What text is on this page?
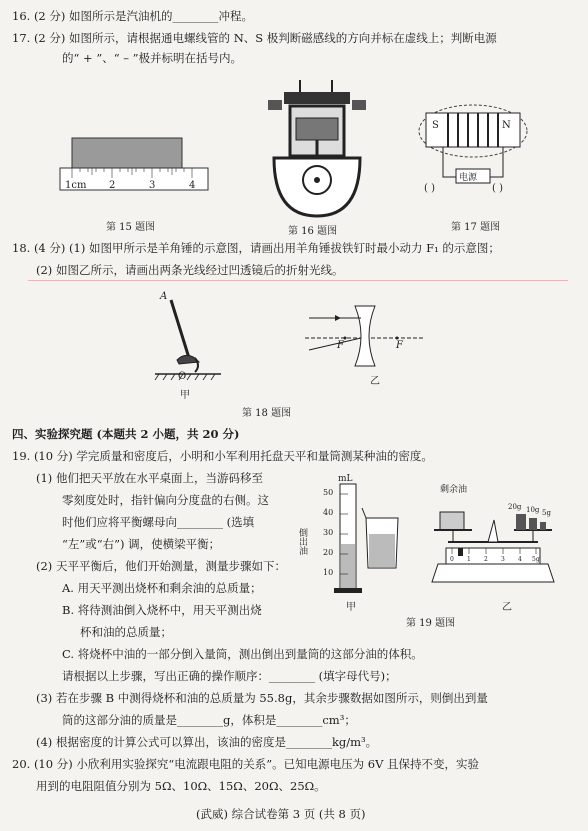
16. (2 分) 如图所示是汽油机的________冲程。
17. (2 分) 如图所示，请根据通电螺线管的 N、S 极判断磁感线的方向并标在虚线上；判断电源
的“ + ”、“ – ”极并标明在括号内。
1cm 2	3	4
第 15 题图	第 16 题图
S	N
电源
( )	( )
第 17 题图
18. (4 分) (1) 如图甲所示是羊角锤的示意图，请画出用羊角锤拔铁钉时最小动力 F₁ 的示意图；
(2) 如图乙所示，请画出两条光线经过凹透镜后的折射光线。
A
O
甲
F	F
乙
第 18 题图
四、实验探究题 (本题共 2 小题，共 20 分)
19. (10 分) 学完质量和密度后，小明和小军利用托盘天平和量筒测某种油的密度。
(1) 他们把天平放在水平桌面上，当游码移至
零刻度处时，指针偏向分度盘的右侧。这
时他们应将平衡螺母向________ (选填
“左”或“右”) 调，使横梁平衡；
(2) 天平平衡后，他们开始测量，测量步骤如下：
A. 用天平测出烧杯和剩余油的总质量；
B. 将待测油倒入烧杯中，用天平测出烧
杯和油的总质量；
C. 将烧杯中油的一部分倒入量筒，测出倒出到量筒的这部分油的体积。
请根据以上步骤，写出正确的操作顺序：________ (填字母代号)；
(3) 若在步骤 B 中测得烧杯和油的总质量为 55.8g，其余步骤数据如图所示，则倒出到量
筒的这部分油的质量是________g，体积是________cm³；
(4) 根据密度的计算公式可以算出，该油的密度是________kg/m³。
mL
50
40
30
20
10
倒出油
甲
剩余油
20g 10g 5g
0 1 2 3 4 5g
乙
第 19 题图
20. (10 分) 小欣利用实验探究“电流跟电阻的关系”。已知电源电压为 6V 且保持不变，实验
用到的电阻阻值分别为 5Ω、10Ω、15Ω、20Ω、25Ω。
(武威) 综合试卷第 3 页 (共 8 页)
